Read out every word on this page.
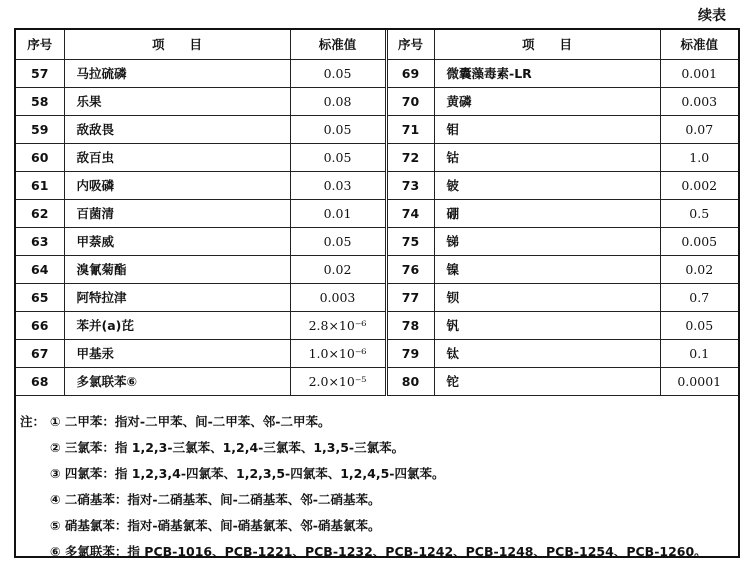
续表
序号	项　　目	标准值	序号	项　　目	标准值
57	马拉硫磷	0.05	69	微囊藻毒素-LR	0.001
58	乐果	0.08	70	黄磷	0.003
59	敌敌畏	0.05	71	钼	0.07
60	敌百虫	0.05	72	钴	1.0
61	内吸磷	0.03	73	铍	0.002
62	百菌清	0.01	74	硼	0.5
63	甲萘威	0.05	75	锑	0.005
64	溴氰菊酯	0.02	76	镍	0.02
65	阿特拉津	0.003	77	钡	0.7
66	苯并(a)芘	2.8×10⁻⁶	78	钒	0.05
67	甲基汞	1.0×10⁻⁶	79	钛	0.1
68	多氯联苯⑥	2.0×10⁻⁵	80	铊	0.0001
注： ① 二甲苯：指对-二甲苯、间-二甲苯、邻-二甲苯。
② 三氯苯：指 1,2,3-三氯苯、1,2,4-三氯苯、1,3,5-三氯苯。
③ 四氯苯：指 1,2,3,4-四氯苯、1,2,3,5-四氯苯、1,2,4,5-四氯苯。
④ 二硝基苯：指对-二硝基苯、间-二硝基苯、邻-二硝基苯。
⑤ 硝基氯苯：指对-硝基氯苯、间-硝基氯苯、邻-硝基氯苯。
⑥ 多氯联苯：指 PCB-1016、PCB-1221、PCB-1232、PCB-1242、PCB-1248、PCB-1254、PCB-1260。
